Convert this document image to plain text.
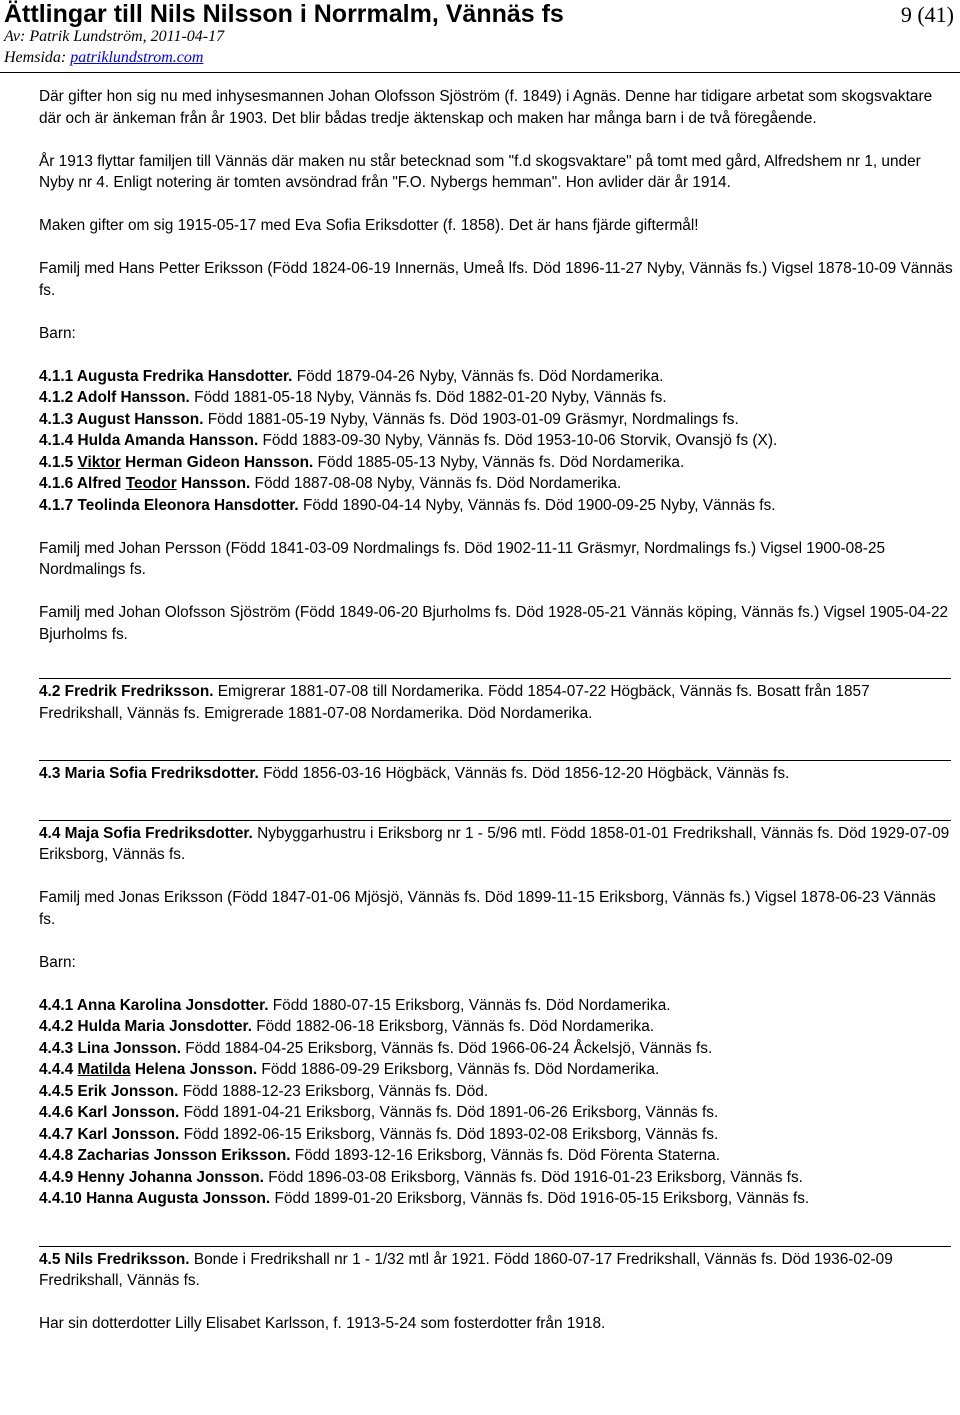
Ättlingar till Nils Nilsson i Norrmalm, Vännäs fs	9 (41)
Av: Patrik Lundström, 2011-04-17
Hemsida: patriklundstrom.com

Där gifter hon sig nu med inhysesmannen Johan Olofsson Sjöström (f. 1849) i Agnäs. Denne har tidigare arbetat som skogsvaktare där och är änkeman från år 1903. Det blir bådas tredje äktenskap och maken har många barn i de två föregående.

År 1913 flyttar familjen till Vännäs där maken nu står betecknad som "f.d skogsvaktare" på tomt med gård, Alfredshem nr 1, under Nyby nr 4. Enligt notering är tomten avsöndrad från "F.O. Nybergs hemman". Hon avlider där år 1914.

Maken gifter om sig 1915-05-17 med Eva Sofia Eriksdotter (f. 1858). Det är hans fjärde giftermål!

Familj med Hans Petter Eriksson (Född 1824-06-19 Innernäs, Umeå lfs. Död 1896-11-27 Nyby, Vännäs fs.) Vigsel 1878-10-09 Vännäs fs.

Barn:

4.1.1 Augusta Fredrika Hansdotter. Född 1879-04-26 Nyby, Vännäs fs. Död Nordamerika.

4.1.2 Adolf Hansson. Född 1881-05-18 Nyby, Vännäs fs. Död 1882-01-20 Nyby, Vännäs fs.

4.1.3 August Hansson. Född 1881-05-19 Nyby, Vännäs fs. Död 1903-01-09 Gräsmyr, Nordmalings fs.

4.1.4 Hulda Amanda Hansson. Född 1883-09-30 Nyby, Vännäs fs. Död 1953-10-06 Storvik, Ovansjö fs (X).

4.1.5 Viktor Herman Gideon Hansson. Född 1885-05-13 Nyby, Vännäs fs. Död Nordamerika.

4.1.6 Alfred Teodor Hansson. Född 1887-08-08 Nyby, Vännäs fs. Död Nordamerika.

4.1.7 Teolinda Eleonora Hansdotter. Född 1890-04-14 Nyby, Vännäs fs. Död 1900-09-25 Nyby, Vännäs fs.

Familj med Johan Persson (Född 1841-03-09 Nordmalings fs. Död 1902-11-11 Gräsmyr, Nordmalings fs.) Vigsel 1900-08-25 Nordmalings fs.

Familj med Johan Olofsson Sjöström (Född 1849-06-20 Bjurholms fs. Död 1928-05-21 Vännäs köping, Vännäs fs.) Vigsel 1905-04-22 Bjurholms fs.

4.2 Fredrik Fredriksson. Emigrerar 1881-07-08 till Nordamerika. Född 1854-07-22 Högbäck, Vännäs fs. Bosatt från 1857 Fredrikshall, Vännäs fs. Emigrerade 1881-07-08 Nordamerika. Död Nordamerika.

4.3 Maria Sofia Fredriksdotter. Född 1856-03-16 Högbäck, Vännäs fs. Död 1856-12-20 Högbäck, Vännäs fs.

4.4 Maja Sofia Fredriksdotter. Nybyggarhustru i Eriksborg nr 1 - 5/96 mtl. Född 1858-01-01 Fredrikshall, Vännäs fs. Död 1929-07-09 Eriksborg, Vännäs fs.

Familj med Jonas Eriksson (Född 1847-01-06 Mjösjö, Vännäs fs. Död 1899-11-15 Eriksborg, Vännäs fs.) Vigsel 1878-06-23 Vännäs fs.

Barn:

4.4.1 Anna Karolina Jonsdotter. Född 1880-07-15 Eriksborg, Vännäs fs. Död Nordamerika.

4.4.2 Hulda Maria Jonsdotter. Född 1882-06-18 Eriksborg, Vännäs fs. Död Nordamerika.

4.4.3 Lina Jonsson. Född 1884-04-25 Eriksborg, Vännäs fs. Död 1966-06-24 Åckelsjö, Vännäs fs.

4.4.4 Matilda Helena Jonsson. Född 1886-09-29 Eriksborg, Vännäs fs. Död Nordamerika.

4.4.5 Erik Jonsson. Född 1888-12-23 Eriksborg, Vännäs fs. Död.

4.4.6 Karl Jonsson. Född 1891-04-21 Eriksborg, Vännäs fs. Död 1891-06-26 Eriksborg, Vännäs fs.

4.4.7 Karl Jonsson. Född 1892-06-15 Eriksborg, Vännäs fs. Död 1893-02-08 Eriksborg, Vännäs fs.

4.4.8 Zacharias Jonsson Eriksson. Född 1893-12-16 Eriksborg, Vännäs fs. Död Förenta Staterna.

4.4.9 Henny Johanna Jonsson. Född 1896-03-08 Eriksborg, Vännäs fs. Död 1916-01-23 Eriksborg, Vännäs fs.

4.4.10 Hanna Augusta Jonsson. Född 1899-01-20 Eriksborg, Vännäs fs. Död 1916-05-15 Eriksborg, Vännäs fs.

4.5 Nils Fredriksson. Bonde i Fredrikshall nr 1 - 1/32 mtl år 1921. Född 1860-07-17 Fredrikshall, Vännäs fs. Död 1936-02-09 Fredrikshall, Vännäs fs.

Har sin dotterdotter Lilly Elisabet Karlsson, f. 1913-5-24 som fosterdotter från 1918.
